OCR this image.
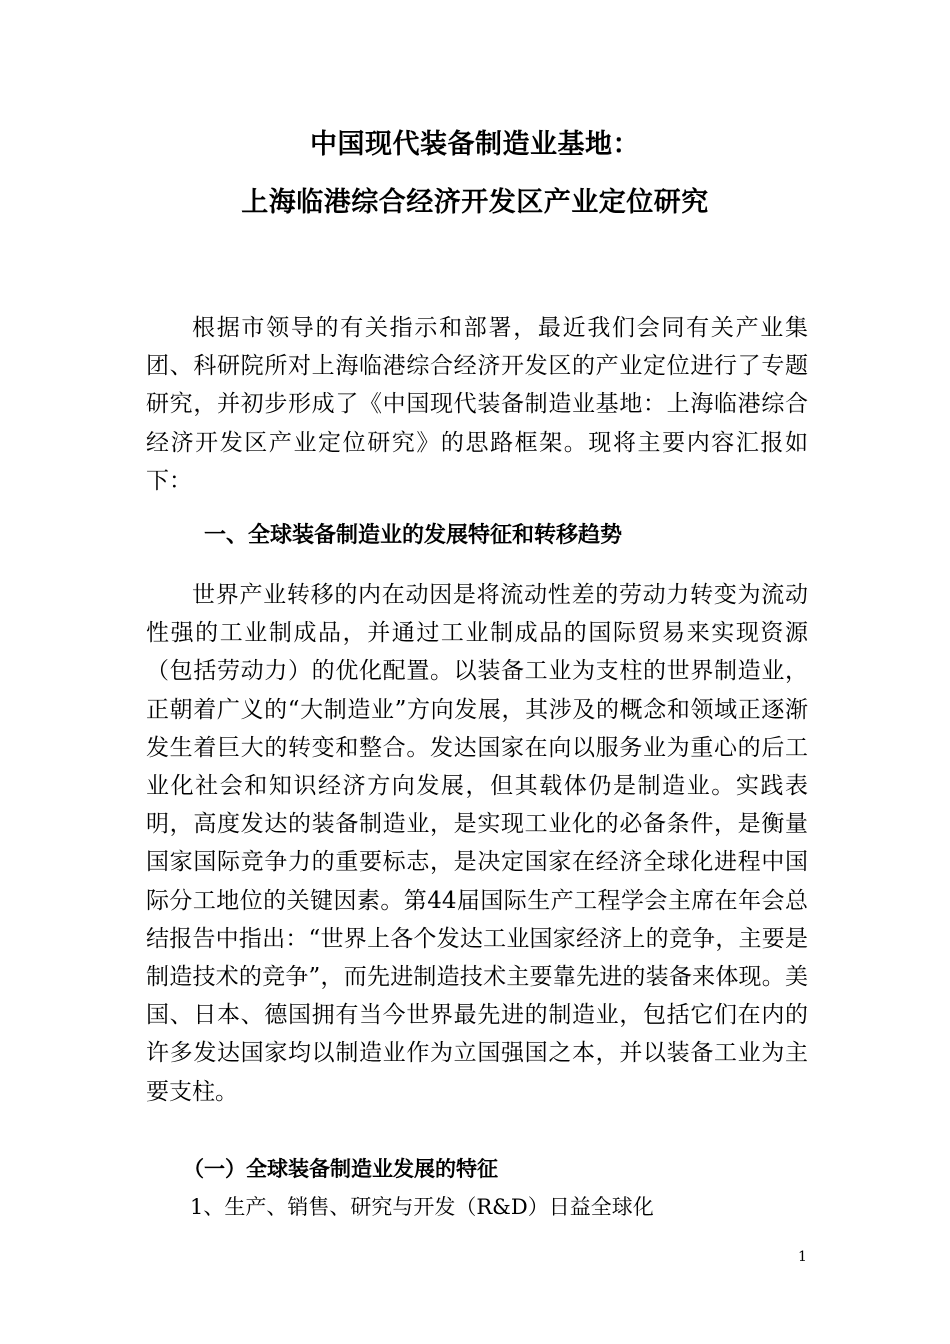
中国现代装备制造业基地：
上海临港综合经济开发区产业定位研究

根据市领导的有关指示和部署，最近我们会同有关产业集团、科研院所对上海临港综合经济开发区的产业定位进行了专题研究，并初步形成了《中国现代装备制造业基地：上海临港综合经济开发区产业定位研究》的思路框架。现将主要内容汇报如下：

一、全球装备制造业的发展特征和转移趋势

世界产业转移的内在动因是将流动性差的劳动力转变为流动性强的工业制成品，并通过工业制成品的国际贸易来实现资源（包括劳动力）的优化配置。以装备工业为支柱的世界制造业，正朝着广义的“大制造业”方向发展，其涉及的概念和领域正逐渐发生着巨大的转变和整合。发达国家在向以服务业为重心的后工业化社会和知识经济方向发展，但其载体仍是制造业。实践表明，高度发达的装备制造业，是实现工业化的必备条件，是衡量国家国际竞争力的重要标志，是决定国家在经济全球化进程中国际分工地位的关键因素。第44届国际生产工程学会主席在年会总结报告中指出：“世界上各个发达工业国家经济上的竞争，主要是制造技术的竞争”，而先进制造技术主要靠先进的装备来体现。美国、日本、德国拥有当今世界最先进的制造业，包括它们在内的许多发达国家均以制造业作为立国强国之本，并以装备工业为主要支柱。

（一）全球装备制造业发展的特征
1、生产、销售、研究与开发（R&D）日益全球化
1
